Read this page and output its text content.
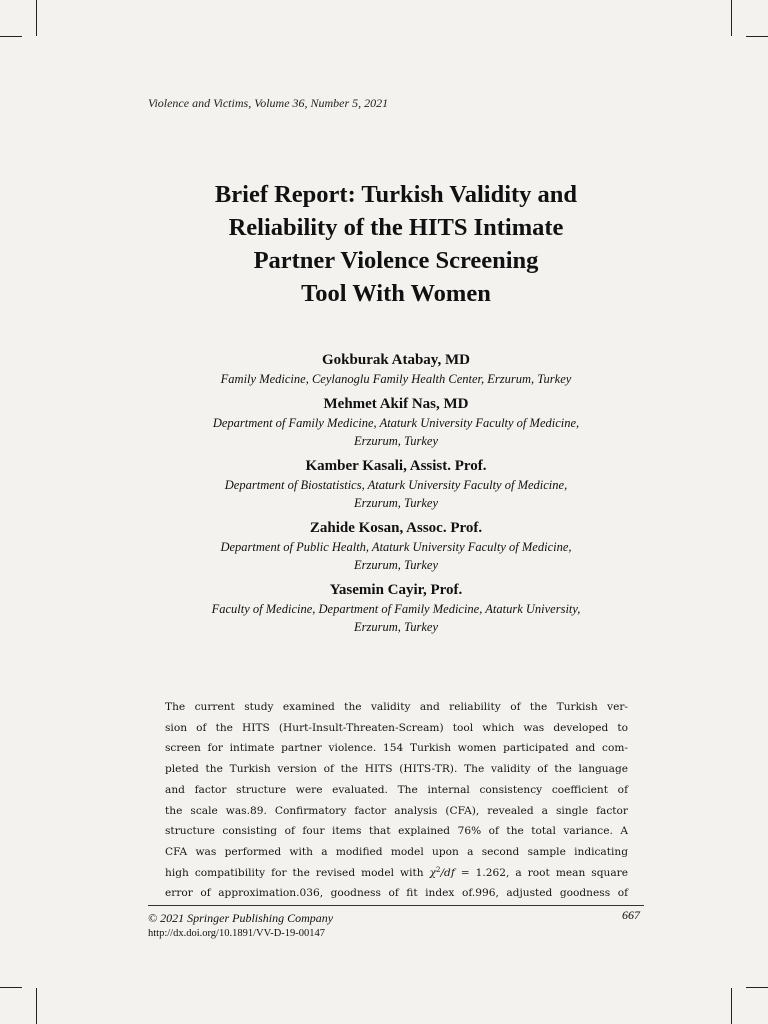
Violence and Victims, Volume 36, Number 5, 2021
Brief Report: Turkish Validity and
Reliability of the HITS Intimate
Partner Violence Screening
Tool With Women
Gokburak Atabay, MD
Family Medicine, Ceylanoglu Family Health Center, Erzurum, Turkey
Mehmet Akif Nas, MD
Department of Family Medicine, Ataturk University Faculty of Medicine,
Erzurum, Turkey
Kamber Kasali, Assist. Prof.
Department of Biostatistics, Ataturk University Faculty of Medicine,
Erzurum, Turkey
Zahide Kosan, Assoc. Prof.
Department of Public Health, Ataturk University Faculty of Medicine,
Erzurum, Turkey
Yasemin Cayir, Prof.
Faculty of Medicine, Department of Family Medicine, Ataturk University,
Erzurum, Turkey
The current study examined the validity and reliability of the Turkish ver-
sion of the HITS (Hurt-Insult-Threaten-Scream) tool which was developed to
screen for intimate partner violence. 154 Turkish women participated and com-
pleted the Turkish version of the HITS (HITS-TR). The validity of the language
and factor structure were evaluated. The internal consistency coefficient of
the scale was.89. Confirmatory factor analysis (CFA), revealed a single factor
structure consisting of four items that explained 76% of the total variance. A
CFA was performed with a modified model upon a second sample indicating
high compatibility for the revised model with $\chi^2/df = 1.262$, a root mean square
error of approximation.036, goodness of fit index of.996, adjusted goodness of
© 2021 Springer Publishing Company
http://dx.doi.org/10.1891/VV-D-19-00147
667
